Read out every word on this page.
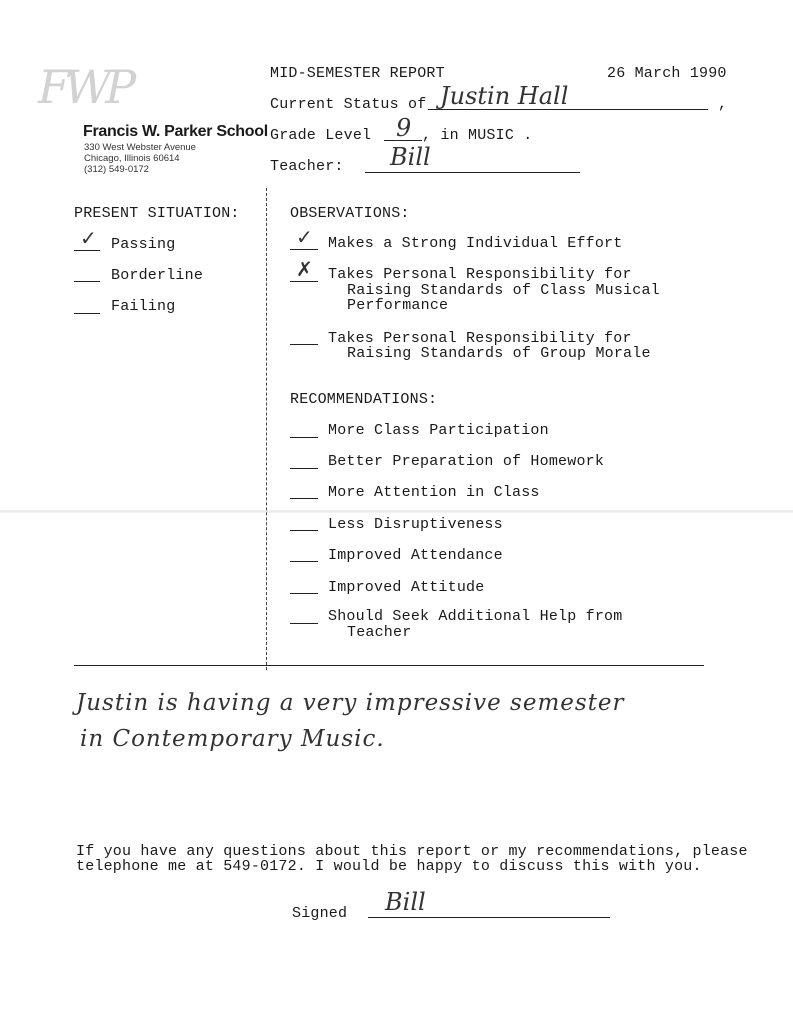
FWP
Francis W. Parker School
330 West Webster Avenue
Chicago, Illinois 60614
(312) 549-0172
MID-SEMESTER REPORT	26 March 1990
Current Status of Justin Hall	,
Grade Level 9 , in MUSIC .
Teacher: Bill
PRESENT SITUATION:
✓ Passing
Borderline
Failing
OBSERVATIONS:
✓ Makes a Strong Individual Effort
✗ Takes Personal Responsibility for
Raising Standards of Class Musical
Performance
Takes Personal Responsibility for
Raising Standards of Group Morale
RECOMMENDATIONS:
More Class Participation
Better Preparation of Homework
More Attention in Class
Less Disruptiveness
Improved Attendance
Improved Attitude
Should Seek Additional Help from
Teacher
Justin is having a very impressive semester
in Contemporary Music.
If you have any questions about this report or my recommendations, please
telephone me at 549-0172. I would be happy to discuss this with you.
Signed Bill
